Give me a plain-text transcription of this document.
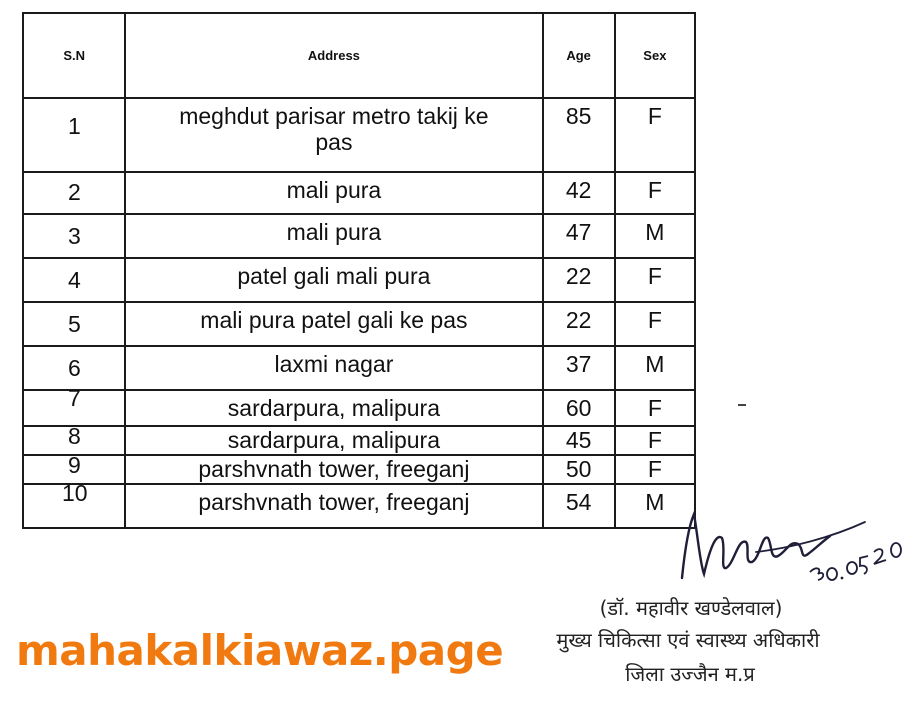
S.N	Address	Age	Sex
1	meghdut parisar metro takij ke pas	85	F
2	mali pura	42	F
3	mali pura	47	M
4	patel gali mali pura	22	F
5	mali pura patel gali ke pas	22	F
6	laxmi nagar	37	M
7	sardarpura, malipura	60	F
8	sardarpura, malipura	45	F
9	parshvnath tower, freeganj	50	F
10	parshvnath tower, freeganj	54	M
(डॉ. महावीर खण्डेलवाल)
मुख्य चिकित्सा एवं स्वास्थ्य अधिकारी
जिला उज्जैन म.प्र
mahakalkiawaz.page
